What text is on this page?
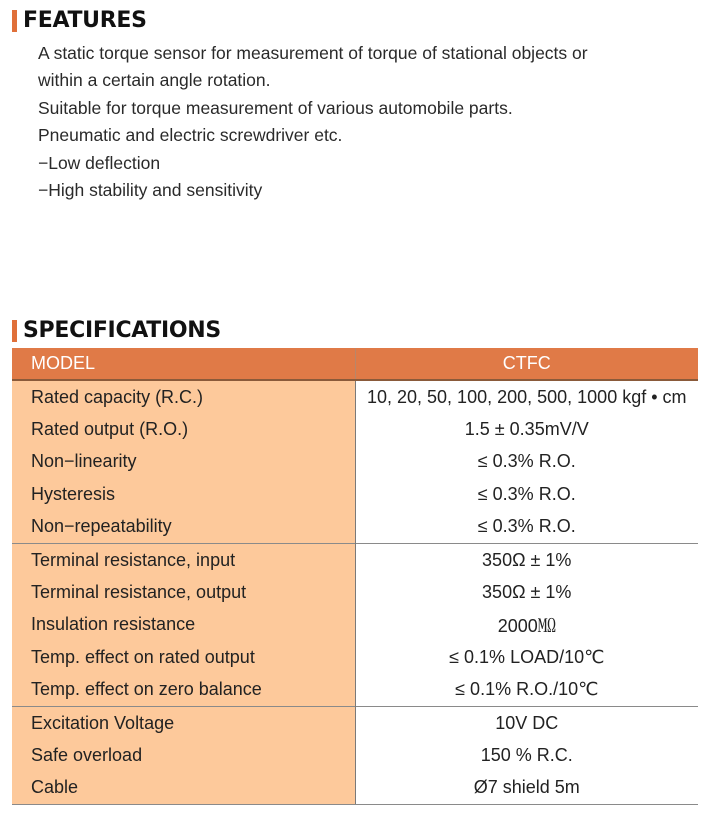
FEATURES
A static torque sensor for measurement of torque of stational objects or
within a certain angle rotation.
Suitable for torque measurement of various automobile parts.
Pneumatic and electric screwdriver etc.
−Low deflection
−High stability and sensitivity
SPECIFICATIONS
MODEL	CTFC
Rated capacity (R.C.)	10, 20, 50, 100, 200, 500, 1000 kgf • cm
Rated output (R.O.)	1.5 ± 0.35mV/V
Non−linearity	≤ 0.3% R.O.
Hysteresis	≤ 0.3% R.O.
Non−repeatability	≤ 0.3% R.O.
Terminal resistance, input	350Ω ± 1%
Terminal resistance, output	350Ω ± 1%
Insulation resistance	2000㏁
Temp. effect on rated output	≤ 0.1% LOAD/10℃
Temp. effect on zero balance	≤ 0.1% R.O./10℃
Excitation Voltage	10V DC
Safe overload	150 % R.C.
Cable	Ø7 shield 5m
